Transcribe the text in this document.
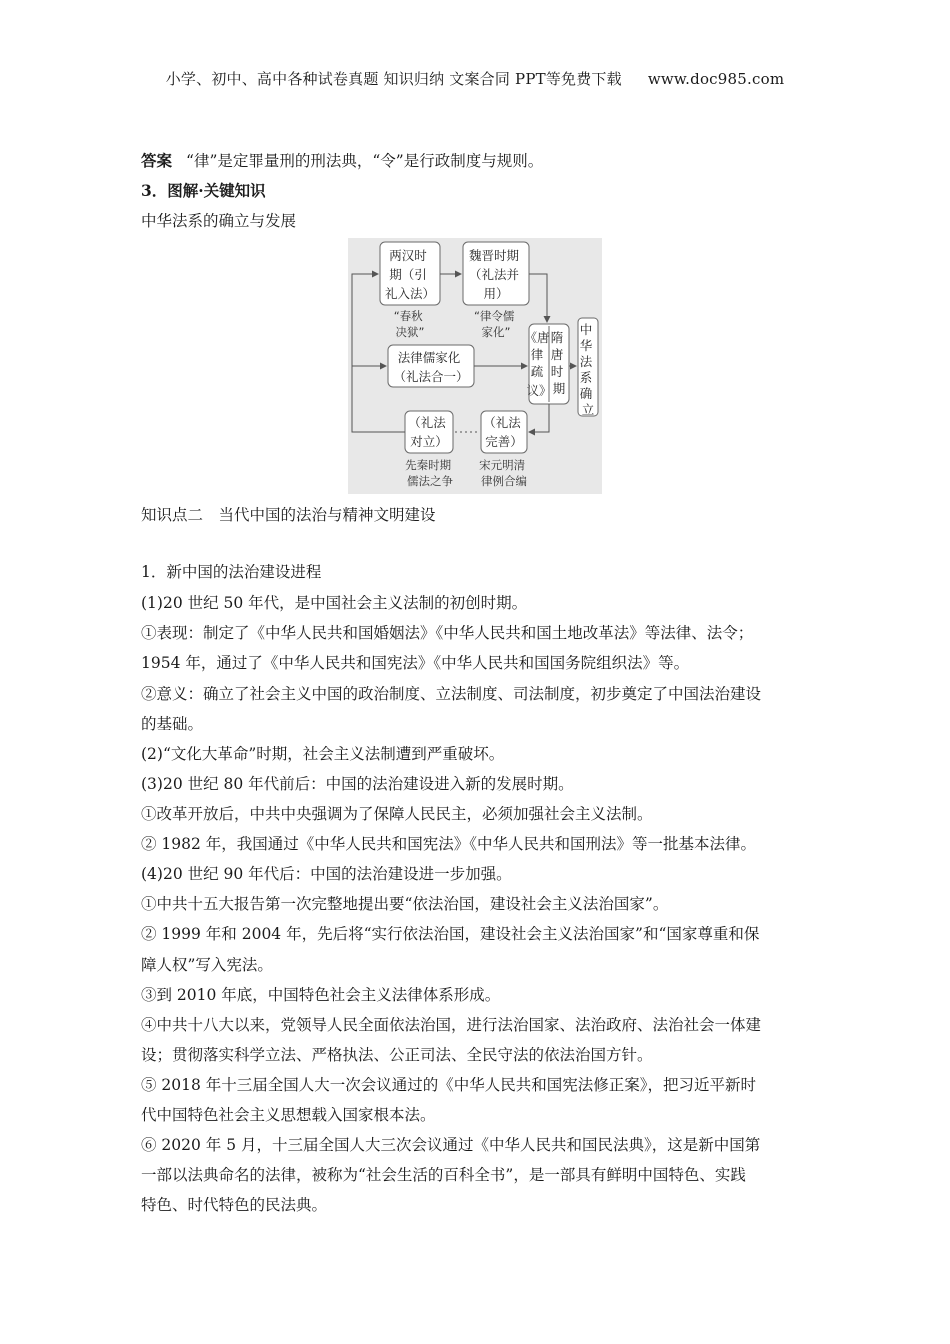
小学、初中、高中各种试卷真题 知识归纳 文案合同 PPT等免费下载 www.doc985.com
答案 “律”是定罪量刑的刑法典，“令”是行政制度与规则。
3．图解·关键知识
中华法系的确立与发展
两汉时 期（引 礼入法）
魏晋时期 （礼法并 用）
法律儒家化 （礼法合一）
《唐 律 疏 议》
隋 唐 时 期
中 华 法 系 确 立
（礼法 对立）
（礼法 完善）
“春秋 决狱”
“律令儒 家化”
先秦时期 儒法之争
宋元明清 律例合编
知识点二　当代中国的法治与精神文明建设
1．新中国的法治建设进程
(1)20 世纪 50 年代，是中国社会主义法制的初创时期。
①表现：制定了《中华人民共和国婚姻法》《中华人民共和国土地改革法》等法律、法令；
1954 年，通过了《中华人民共和国宪法》《中华人民共和国国务院组织法》等。
②意义：确立了社会主义中国的政治制度、立法制度、司法制度，初步奠定了中国法治建设
的基础。
(2)“文化大革命”时期，社会主义法制遭到严重破坏。
(3)20 世纪 80 年代前后：中国的法治建设进入新的发展时期。
①改革开放后，中共中央强调为了保障人民民主，必须加强社会主义法制。
② 1982 年，我国通过《中华人民共和国宪法》《中华人民共和国刑法》等一批基本法律。
(4)20 世纪 90 年代后：中国的法治建设进一步加强。
①中共十五大报告第一次完整地提出要“依法治国，建设社会主义法治国家”。
② 1999 年和 2004 年，先后将“实行依法治国，建设社会主义法治国家”和“国家尊重和保
障人权”写入宪法。
③到 2010 年底，中国特色社会主义法律体系形成。
④中共十八大以来，党领导人民全面依法治国，进行法治国家、法治政府、法治社会一体建
设；贯彻落实科学立法、严格执法、公正司法、全民守法的依法治国方针。
⑤ 2018 年十三届全国人大一次会议通过的《中华人民共和国宪法修正案》，把习近平新时
代中国特色社会主义思想载入国家根本法。
⑥ 2020 年 5 月，十三届全国人大三次会议通过《中华人民共和国民法典》，这是新中国第
一部以法典命名的法律，被称为“社会生活的百科全书”，是一部具有鲜明中国特色、实践
特色、时代特色的民法典。
